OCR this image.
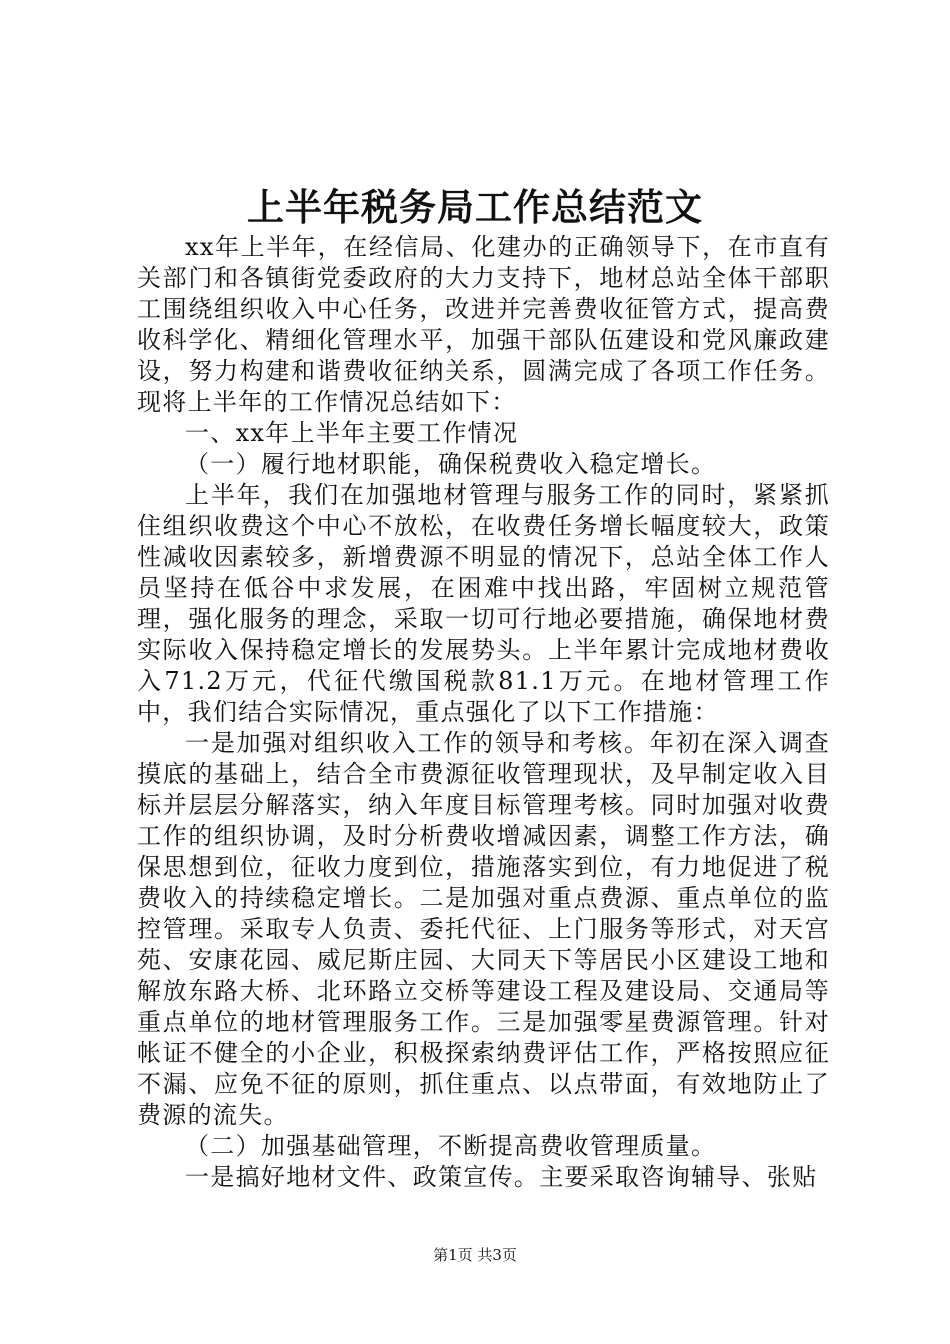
上半年税务局工作总结范文

xx年上半年，在经信局、化建办的正确领导下，在市直有关部门和各镇街党委政府的大力支持下，地材总站全体干部职工围绕组织收入中心任务，改进并完善费收征管方式，提高费收科学化、精细化管理水平，加强干部队伍建设和党风廉政建设，努力构建和谐费收征纳关系，圆满完成了各项工作任务。现将上半年的工作情况总结如下：

一、xx年上半年主要工作情况

（一）履行地材职能，确保税费收入稳定增长。

上半年，我们在加强地材管理与服务工作的同时，紧紧抓住组织收费这个中心不放松，在收费任务增长幅度较大，政策性减收因素较多，新增费源不明显的情况下，总站全体工作人员坚持在低谷中求发展，在困难中找出路，牢固树立规范管理，强化服务的理念，采取一切可行地必要措施，确保地材费实际收入保持稳定增长的发展势头。上半年累计完成地材费收入71.2万元，代征代缴国税款81.1万元。在地材管理工作中，我们结合实际情况，重点强化了以下工作措施：

一是加强对组织收入工作的领导和考核。年初在深入调查摸底的基础上，结合全市费源征收管理现状，及早制定收入目标并层层分解落实，纳入年度目标管理考核。同时加强对收费工作的组织协调，及时分析费收增减因素，调整工作方法，确保思想到位，征收力度到位，措施落实到位，有力地促进了税费收入的持续稳定增长。二是加强对重点费源、重点单位的监控管理。采取专人负责、委托代征、上门服务等形式，对天宫苑、安康花园、威尼斯庄园、大同天下等居民小区建设工地和解放东路大桥、北环路立交桥等建设工程及建设局、交通局等重点单位的地材管理服务工作。三是加强零星费源管理。针对帐证不健全的小企业，积极探索纳费评估工作，严格按照应征不漏、应免不征的原则，抓住重点、以点带面，有效地防止了费源的流失。

（二）加强基础管理，不断提高费收管理质量。

一是搞好地材文件、政策宣传。主要采取咨询辅导、张贴

第1页 共3页
